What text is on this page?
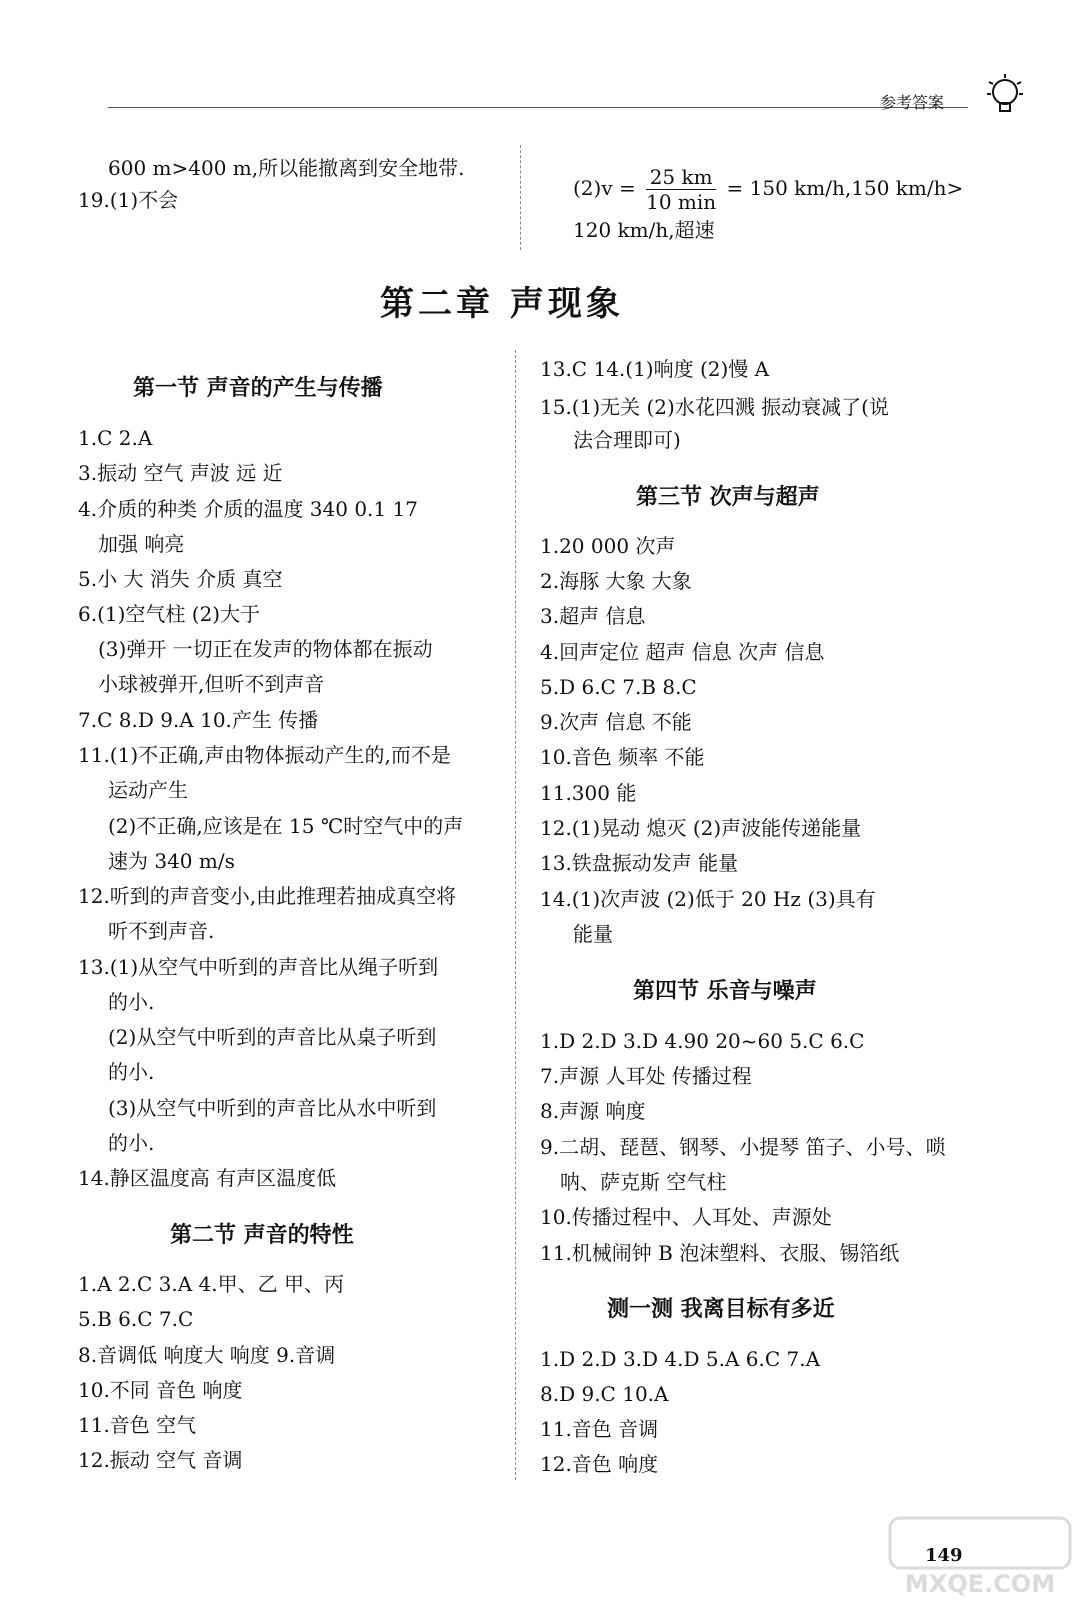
参考答案
600 m>400 m,所以能撤离到安全地带.
19.(1)不会	$(2)v = \frac{25 km}{10 \min} = 150$ km/h,150 km/h>
120 km/h,超速
第二章 声现象
第一节 声音的产生与传播
1.C 2.A
3.振动 空气 声波 远 近
4.介质的种类 介质的温度 340 0.1 17
加强 响亮
5.小 大 消失 介质 真空
6.(1)空气柱 (2)大于
(3)弹开 一切正在发声的物体都在振动
小球被弹开,但听不到声音
7.C 8.D 9.A 10.产生 传播
11.(1)不正确,声由物体振动产生的,而不是
运动产生
(2)不正确,应该是在 15 ℃时空气中的声
速为 340 m/s
12.听到的声音变小,由此推理若抽成真空将
听不到声音.
13.(1)从空气中听到的声音比从绳子听到
的小.
(2)从空气中听到的声音比从桌子听到
的小.
(3)从空气中听到的声音比从水中听到
的小.
14.静区温度高 有声区温度低
第二节 声音的特性
1.A 2.C 3.A 4.甲、乙 甲、丙
5.B 6.C 7.C
8.音调低 响度大 响度 9.音调
10.不同 音色 响度
11.音色 空气
12.振动 空气 音调
13.C 14.(1)响度 (2)慢 A
15.(1)无关 (2)水花四溅 振动衰减了(说
法合理即可)
第三节 次声与超声
1.20 000 次声
2.海豚 大象 大象
3.超声 信息
4.回声定位 超声 信息 次声 信息
5.D 6.C 7.B 8.C
9.次声 信息 不能
10.音色 频率 不能
11.300 能
12.(1)晃动 熄灭 (2)声波能传递能量
13.铁盘振动发声 能量
14.(1)次声波 (2)低于 20 Hz (3)具有
能量
第四节 乐音与噪声
1.D 2.D 3.D 4.90 20~60 5.C 6.C
7.声源 人耳处 传播过程
8.声源 响度
9.二胡、琵琶、钢琴、小提琴 笛子、小号、唢
呐、萨克斯 空气柱
10.传播过程中、人耳处、声源处
11.机械闹钟 B 泡沫塑料、衣服、锡箔纸
测一测 我离目标有多近
1.D 2.D 3.D 4.D 5.A 6.C 7.A
8.D 9.C 10.A
11.音色 音调
12.音色 响度
149
MXQE.COM
